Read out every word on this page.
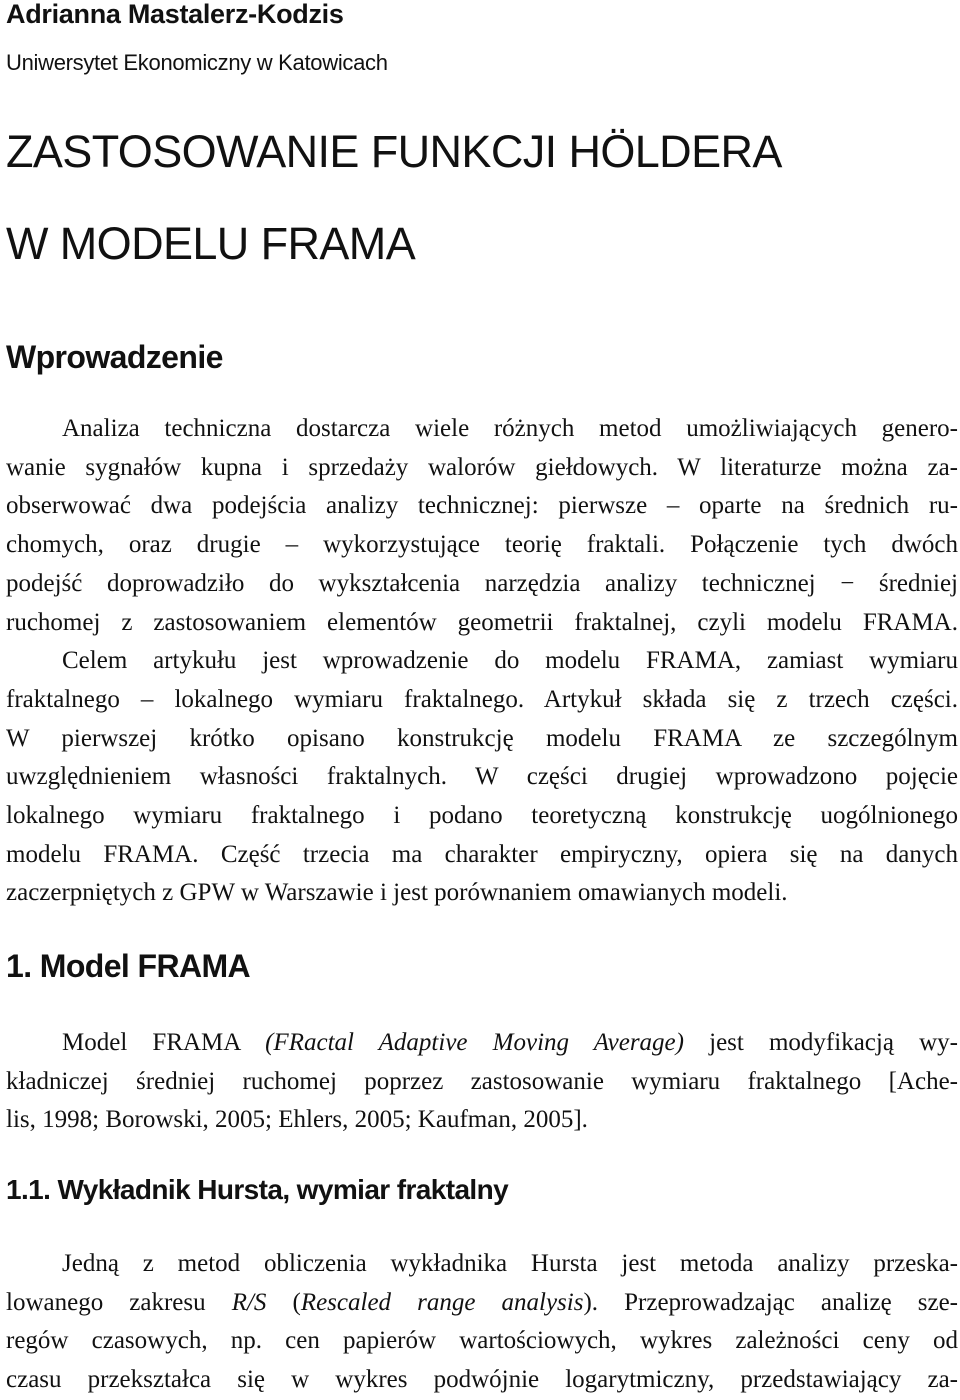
Adrianna Mastalerz-Kodzis
Uniwersytet Ekonomiczny w Katowicach
ZASTOSOWANIE FUNKCJI HÖLDERA
W MODELU FRAMA
Wprowadzenie
Analiza techniczna dostarcza wiele różnych metod umożliwiających genero-
wanie sygnałów kupna i sprzedaży walorów giełdowych. W literaturze można za-
obserwować dwa podejścia analizy technicznej: pierwsze – oparte na średnich ru-
chomych, oraz drugie – wykorzystujące teorię fraktali. Połączenie tych dwóch
podejść doprowadziło do wykształcenia narzędzia analizy technicznej − średniej
ruchomej z zastosowaniem elementów geometrii fraktalnej, czyli modelu FRAMA.
Celem artykułu jest wprowadzenie do modelu FRAMA, zamiast wymiaru
fraktalnego – lokalnego wymiaru fraktalnego. Artykuł składa się z trzech części.
W pierwszej krótko opisano konstrukcję modelu FRAMA ze szczególnym
uwzględnieniem własności fraktalnych. W części drugiej wprowadzono pojęcie
lokalnego wymiaru fraktalnego i podano teoretyczną konstrukcję uogólnionego
modelu FRAMA. Część trzecia ma charakter empiryczny, opiera się na danych
zaczerpniętych z GPW w Warszawie i jest porównaniem omawianych modeli.
1. Model FRAMA
Model FRAMA (FRactal Adaptive Moving Average) jest modyfikacją wy-
kładniczej średniej ruchomej poprzez zastosowanie wymiaru fraktalnego [Ache-
lis, 1998; Borowski, 2005; Ehlers, 2005; Kaufman, 2005].
1.1. Wykładnik Hursta, wymiar fraktalny
Jedną z metod obliczenia wykładnika Hursta jest metoda analizy przeska-
lowanego zakresu R/S (Rescaled range analysis). Przeprowadzając analizę sze-
regów czasowych, np. cen papierów wartościowych, wykres zależności ceny od
czasu przekształca się w wykres podwójnie logarytmiczny, przedstawiający za-
